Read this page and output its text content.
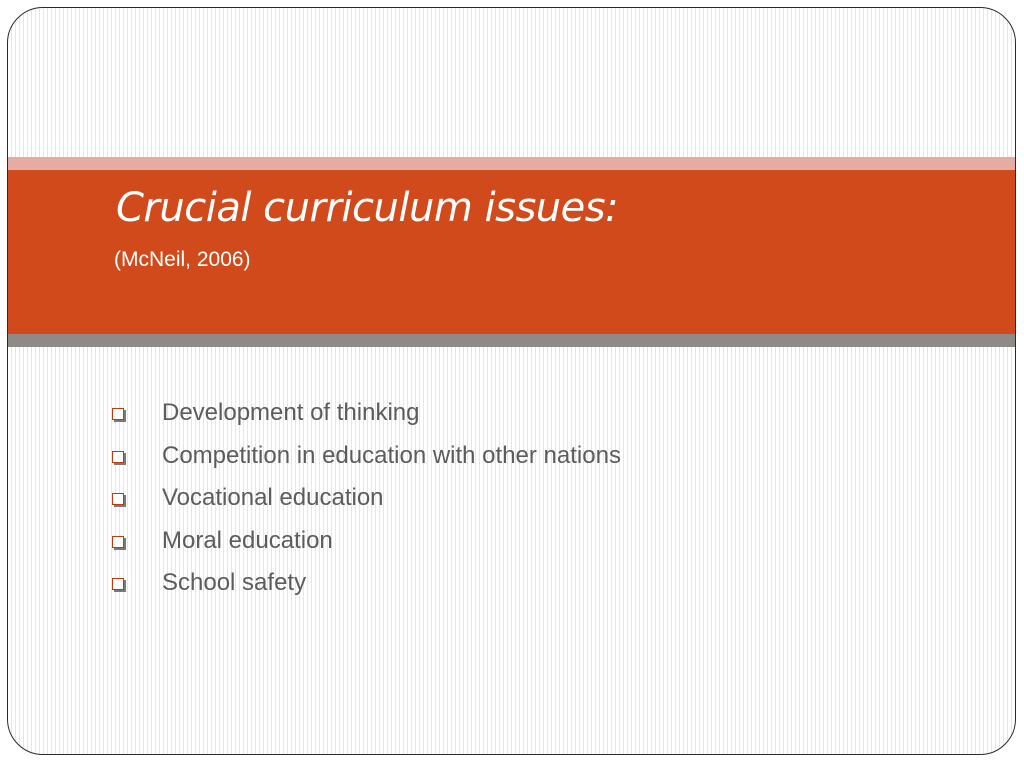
Crucial curriculum issues:
(McNeil, 2006)
Development of thinking
Competition in education with other nations
Vocational education
Moral education
School safety
